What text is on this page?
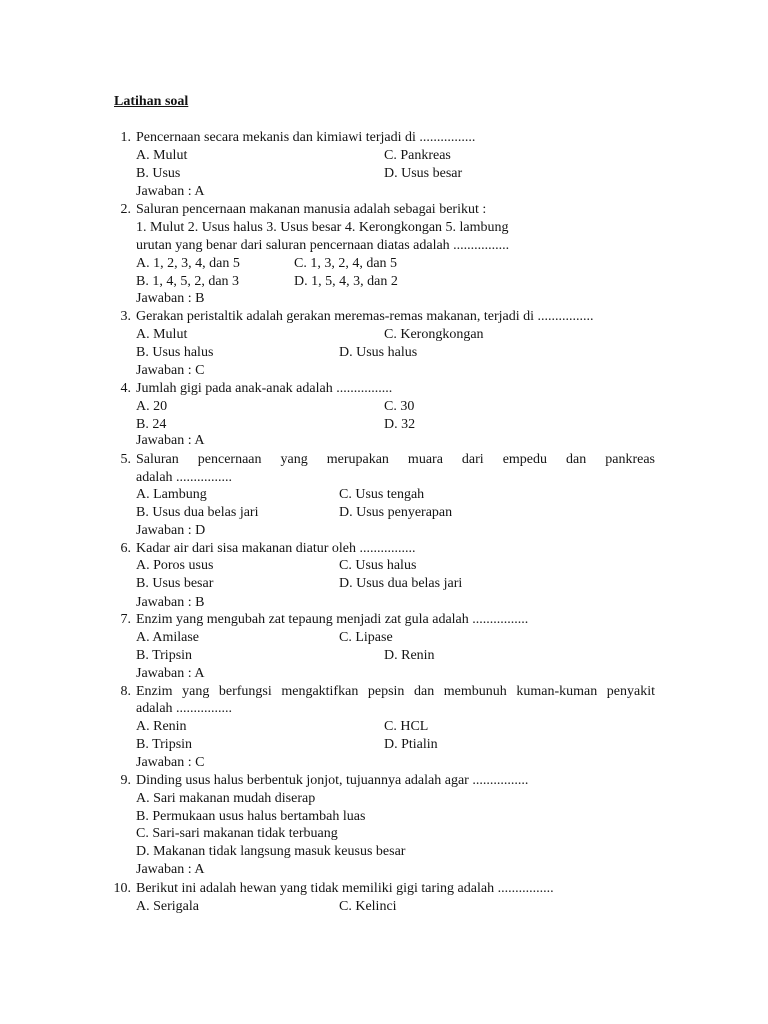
Latihan soal
1. Pencernaan secara mekanis dan kimiawi terjadi di ................
A. Mulut	C. Pankreas
B. Usus	D. Usus besar
Jawaban : A
2. Saluran pencernaan makanan manusia adalah sebagai berikut :
1. Mulut 2. Usus halus 3. Usus besar 4. Kerongkongan 5. lambung
urutan yang benar dari saluran pencernaan diatas adalah ................
A. 1, 2, 3, 4, dan 5	C. 1, 3, 2, 4, dan 5
B. 1, 4, 5, 2, dan 3	D. 1, 5, 4, 3, dan 2
Jawaban : B
3. Gerakan peristaltik adalah gerakan meremas-remas makanan, terjadi di ................
A. Mulut	C. Kerongkongan
B. Usus halus	D. Usus halus
Jawaban : C
4. Jumlah gigi pada anak-anak adalah ................
A. 20	C. 30
B. 24	D. 32
Jawaban : A
5. Saluran pencernaan yang merupakan muara dari empedu dan pankreas
adalah ................
A. Lambung	C. Usus tengah
B. Usus dua belas jari	D. Usus penyerapan
Jawaban : D
6. Kadar air dari sisa makanan diatur oleh ................
A. Poros usus	C. Usus halus
B. Usus besar	D. Usus dua belas jari
Jawaban : B
7. Enzim yang mengubah zat tepaung menjadi zat gula adalah ................
A. Amilase	C. Lipase
B. Tripsin	D. Renin
Jawaban : A
8. Enzim yang berfungsi mengaktifkan pepsin dan membunuh kuman-kuman penyakit
adalah ................
A. Renin	C. HCL
B. Tripsin	D. Ptialin
Jawaban : C
9. Dinding usus halus berbentuk jonjot, tujuannya adalah agar ................
A. Sari makanan mudah diserap
B. Permukaan usus halus bertambah luas
C. Sari-sari makanan tidak terbuang
D. Makanan tidak langsung masuk keusus besar
Jawaban : A
10. Berikut ini adalah hewan yang tidak memiliki gigi taring adalah ................
A. Serigala	C. Kelinci
